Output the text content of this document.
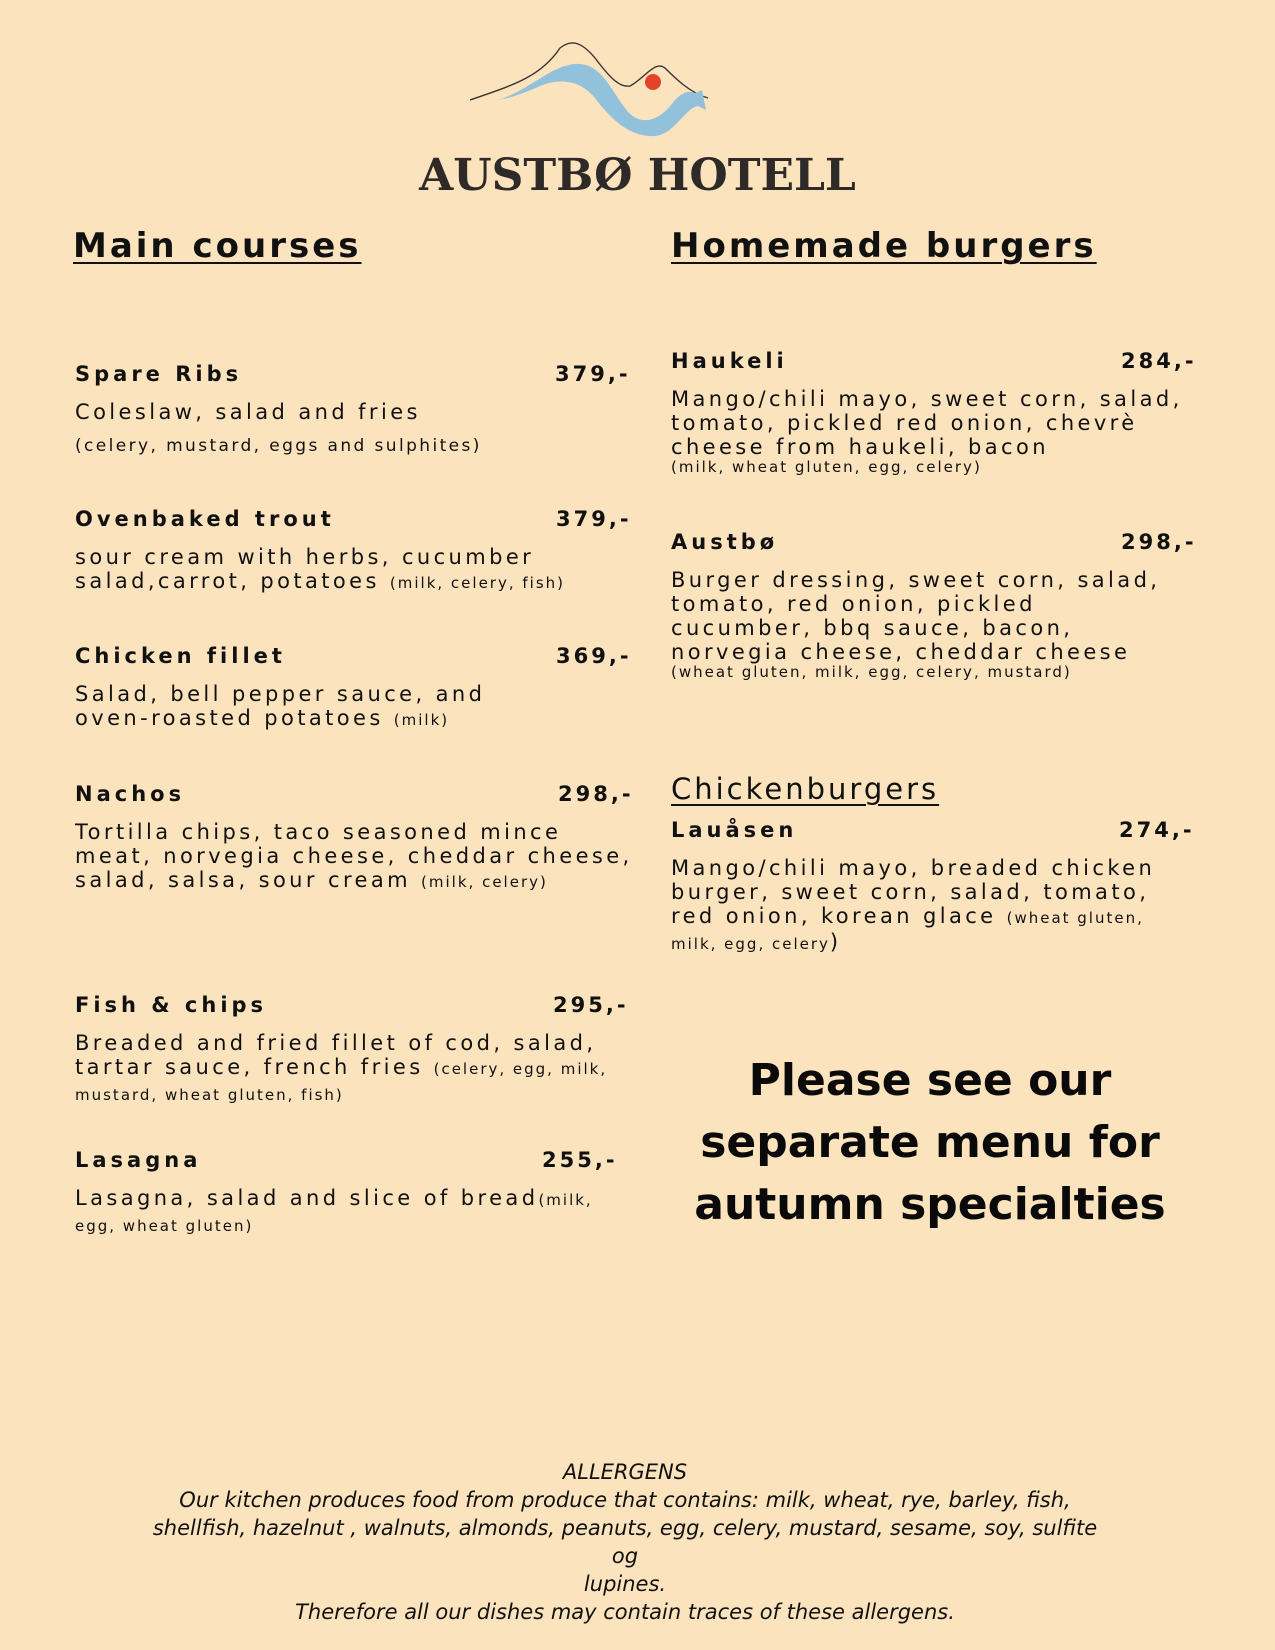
AUSTBØ HOTELL
Main courses	Homemade burgers
Spare Ribs	379,-
Coleslaw, salad and fries
(celery, mustard, eggs and sulphites)
Ovenbaked trout	379,-
sour cream with herbs, cucumber salad,carrot, potatoes (milk, celery, fish)
Chicken fillet	369,-
Salad, bell pepper sauce, and oven-roasted potatoes (milk)
Nachos	298,-
Tortilla chips, taco seasoned mince meat, norvegia cheese, cheddar cheese, salad, salsa, sour cream (milk, celery)
Fish & chips	295,-
Breaded and fried fillet of cod, salad, tartar sauce, french fries (celery, egg, milk, mustard, wheat gluten, fish)
Lasagna	255,-
Lasagna, salad and slice of bread(milk, egg, wheat gluten)
Haukeli	284,-
Mango/chili mayo, sweet corn, salad, tomato, pickled red onion, chevrè cheese from haukeli, bacon
(milk, wheat gluten, egg, celery)
Austbø	298,-
Burger dressing, sweet corn, salad, tomato, red onion, pickled cucumber, bbq sauce, bacon, norvegia cheese, cheddar cheese
(wheat gluten, milk, egg, celery, mustard)
Chickenburgers
Lauåsen	274,-
Mango/chili mayo, breaded chicken burger, sweet corn, salad, tomato, red onion, korean glace (wheat gluten, milk, egg, celery)
Please see our separate menu for autumn specialties
ALLERGENS
Our kitchen produces food from produce that contains: milk, wheat, rye, barley, fish,
shellfish, hazelnut , walnuts, almonds, peanuts, egg, celery, mustard, sesame, soy, sulfite og
lupines.
Therefore all our dishes may contain traces of these allergens.
